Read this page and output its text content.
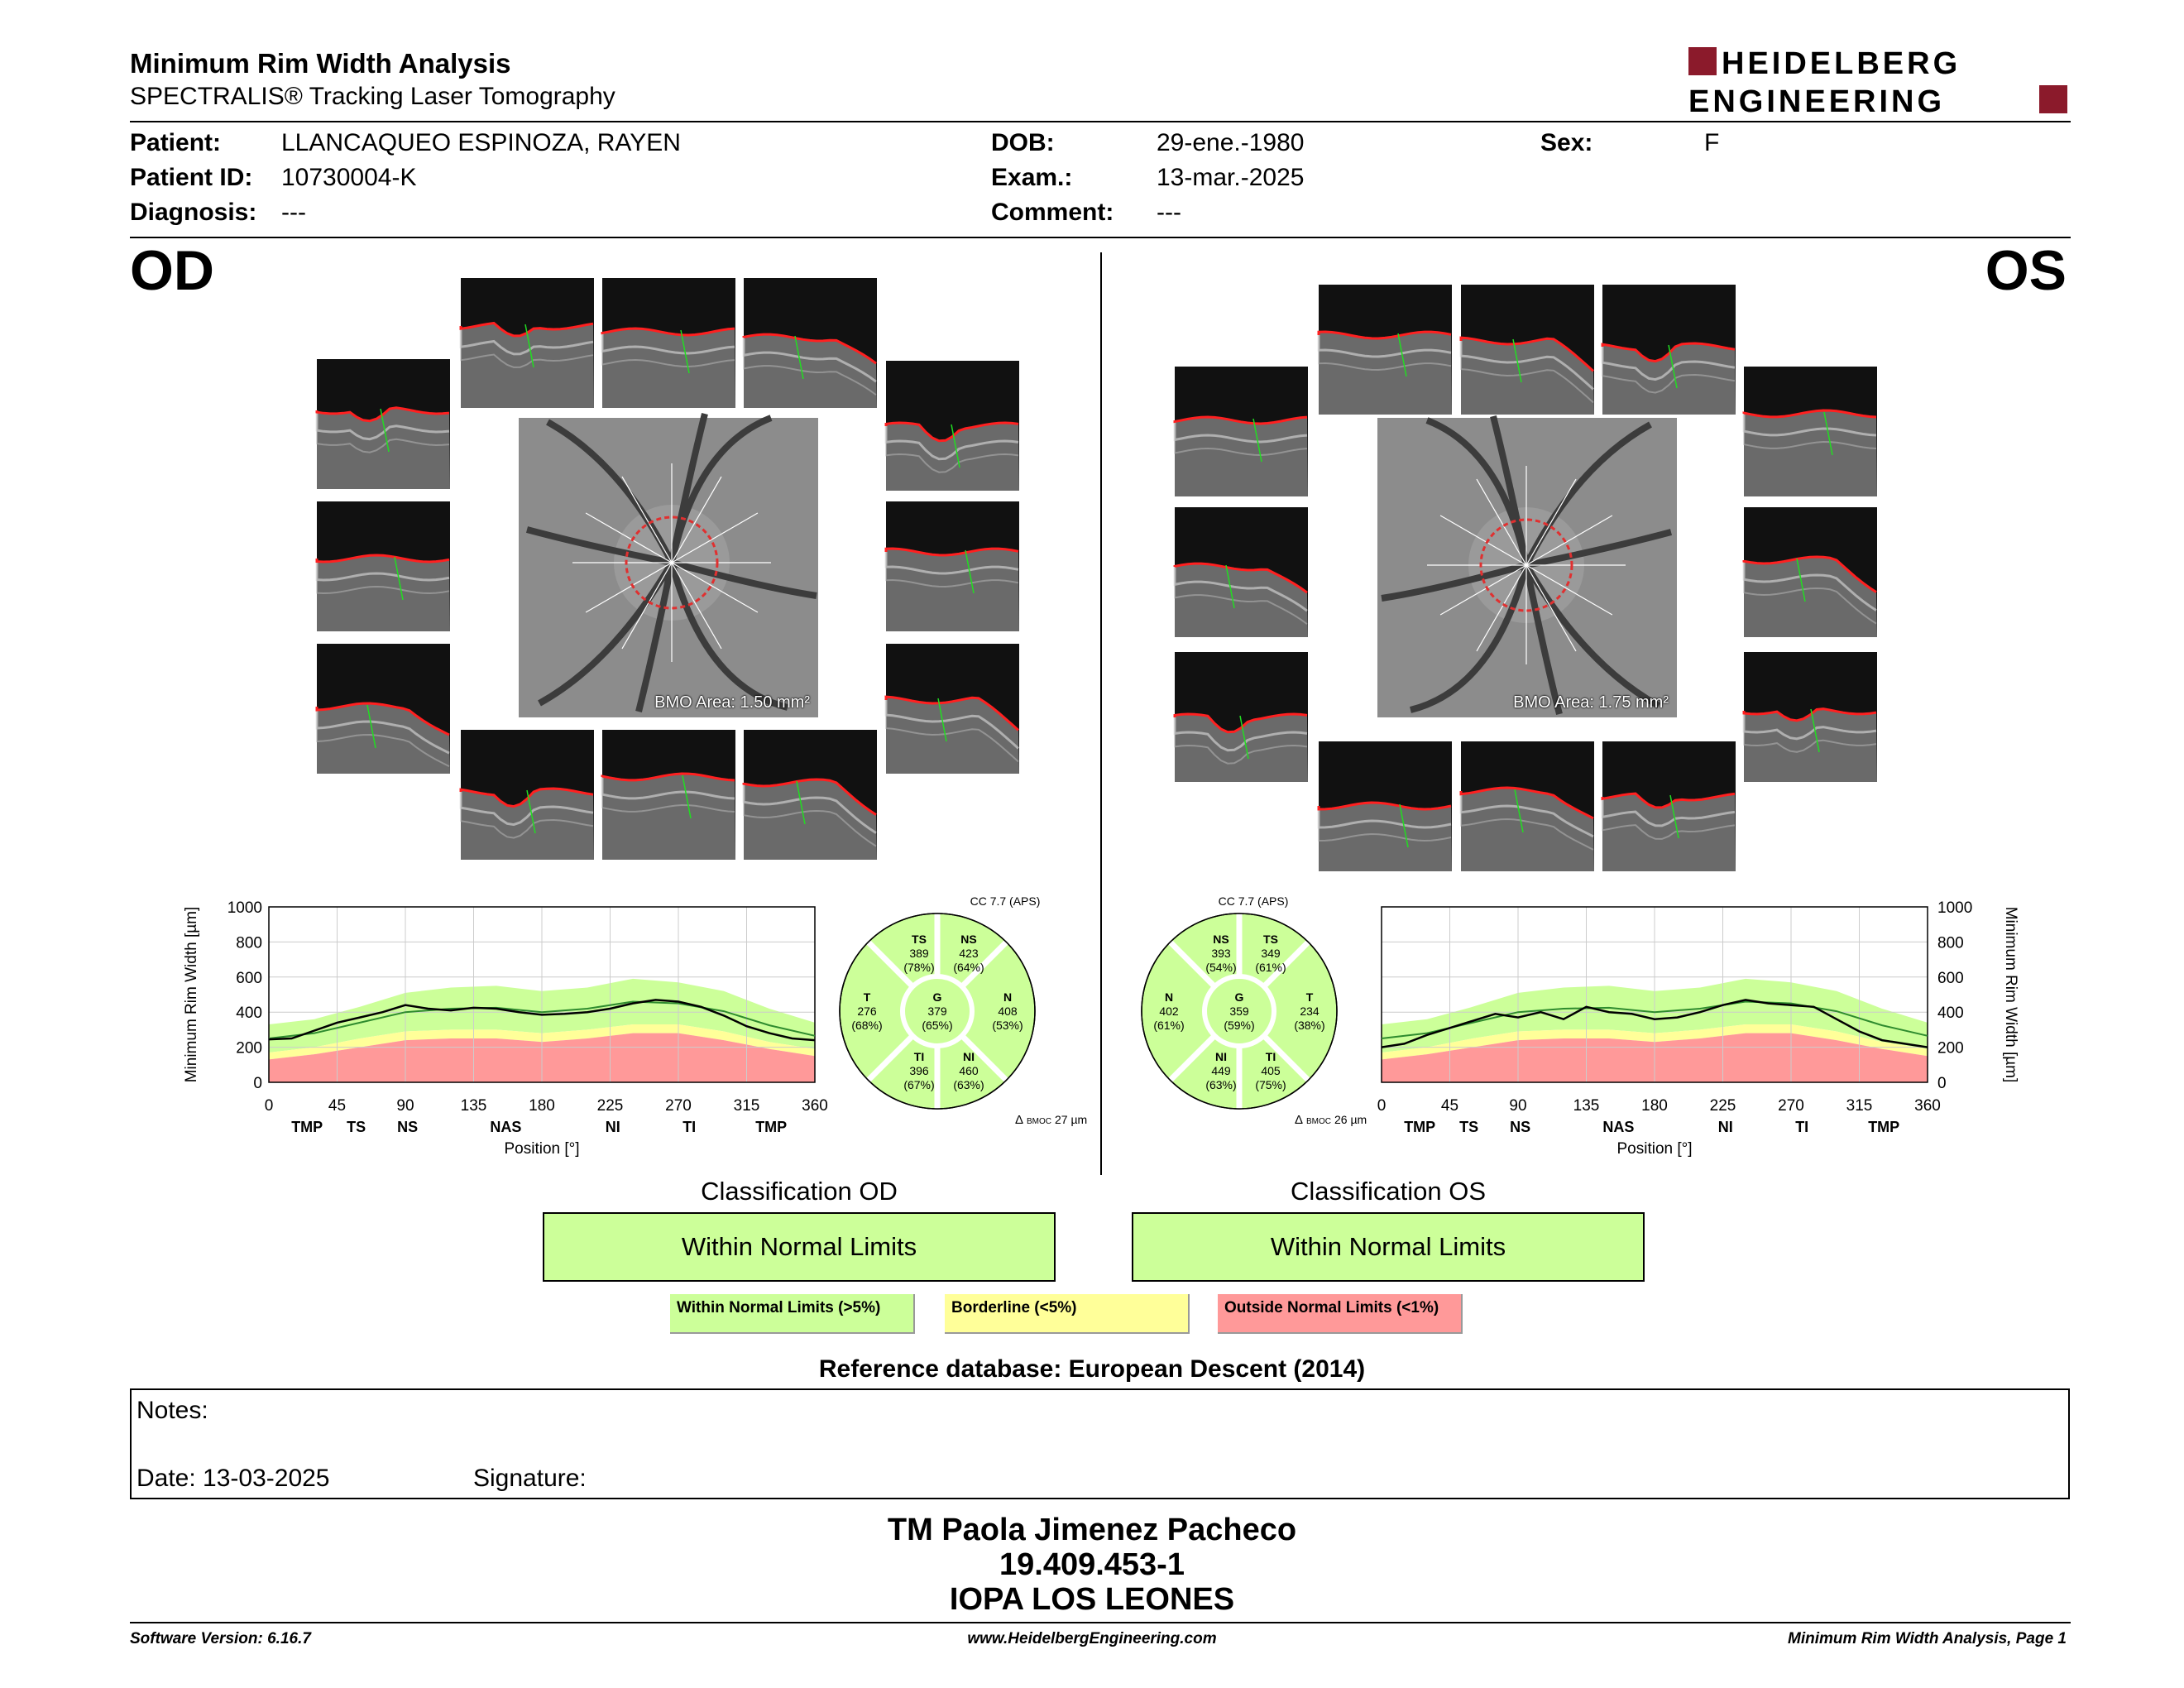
Minimum Rim Width Analysis
SPECTRALIS® Tracking Laser Tomography
HEIDELBERG
ENGINEERING
Patient: LLANCAQUEO ESPINOZA, RAYEN
Patient ID: 10730004-K
Diagnosis: ---
DOB:	29-ene.-1980
Exam.:	13-mar.-2025
Comment: ---
Sex:	F
OD	OS
BMO Area: 1.50 mm²	BMO Area: 1.75 mm²
1000
800
600
400
200
0
0	45	90	135	180	225	270	315	360
TMP TS NS	NAS	NI	TI	TMP
Position [°]
Minimum Rim Width [µm]
CC 7.7 (APS)
TS
389
(78%)
NS
423
(64%)
T
276
(68%)
G
379
(65%)
N
408
(53%)
TI
396
(67%)
NI
460
(63%)
Δ BMOC 27 µm
CC 7.7 (APS)
NS
393
(54%)
TS
349
(61%)
N
402
(61%)
G
359
(59%)
T
234
(38%)
NI
449
(63%)
TI
405
(75%)
Δ BMOC 26 µm
1000
800
600
400
200
0
0	45	90	135	180	225	270	315	360
TMP TS NS	NAS	NI	TI	TMP
Position [°]
Minimum Rim Width [µm]
Classification OD
Within Normal Limits
Classification OS
Within Normal Limits
Within Normal Limits (>5%)	Borderline (<5%)	Outside Normal Limits (<1%)
Reference database: European Descent (2014)
Notes:
Date: 13-03-2025	Signature:
TM Paola Jimenez Pacheco
19.409.453-1
IOPA LOS LEONES
Software Version: 6.16.7	www.HeidelbergEngineering.com	Minimum Rim Width Analysis, Page 1
